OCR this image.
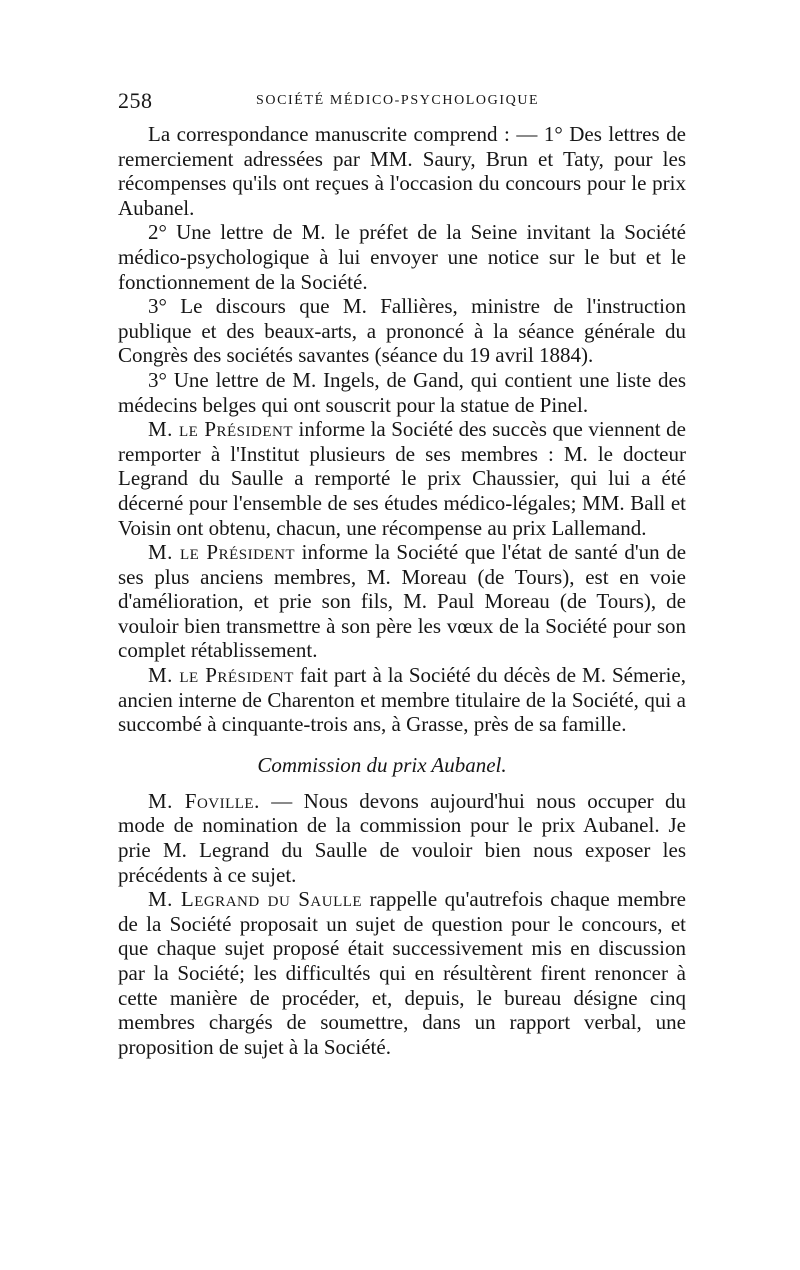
258	SOCIÉTÉ MÉDICO-PSYCHOLOGIQUE

La correspondance manuscrite comprend : — 1° Des lettres de remerciement adressées par MM. Saury, Brun et Taty, pour les récompenses qu'ils ont reçues à l'occasion du concours pour le prix Aubanel.

2° Une lettre de M. le préfet de la Seine invitant la Société médico-psychologique à lui envoyer une notice sur le but et le fonctionnement de la Société.

3° Le discours que M. Fallières, ministre de l'instruction publique et des beaux-arts, a prononcé à la séance générale du Congrès des sociétés savantes (séance du 19 avril 1884).

3° Une lettre de M. Ingels, de Gand, qui contient une liste des médecins belges qui ont souscrit pour la statue de Pinel.

M. le Président informe la Société des succès que viennent de remporter à l'Institut plusieurs de ses membres : M. le docteur Legrand du Saulle a remporté le prix Chaussier, qui lui a été décerné pour l'ensemble de ses études médico-légales; MM. Ball et Voisin ont obtenu, chacun, une récompense au prix Lallemand.

M. le Président informe la Société que l'état de santé d'un de ses plus anciens membres, M. Moreau (de Tours), est en voie d'amélioration, et prie son fils, M. Paul Moreau (de Tours), de vouloir bien transmettre à son père les vœux de la Société pour son complet rétablissement.

M. le Président fait part à la Société du décès de M. Sémerie, ancien interne de Charenton et membre titulaire de la Société, qui a succombé à cinquante-trois ans, à Grasse, près de sa famille.

Commission du prix Aubanel.

M. Foville. — Nous devons aujourd'hui nous occuper du mode de nomination de la commission pour le prix Aubanel. Je prie M. Legrand du Saulle de vouloir bien nous exposer les précédents à ce sujet.

M. Legrand du Saulle rappelle qu'autrefois chaque membre de la Société proposait un sujet de question pour le concours, et que chaque sujet proposé était successivement mis en discussion par la Société; les difficultés qui en résultèrent firent renoncer à cette manière de procéder, et, depuis, le bureau désigne cinq membres chargés de soumettre, dans un rapport verbal, une proposition de sujet à la Société.
